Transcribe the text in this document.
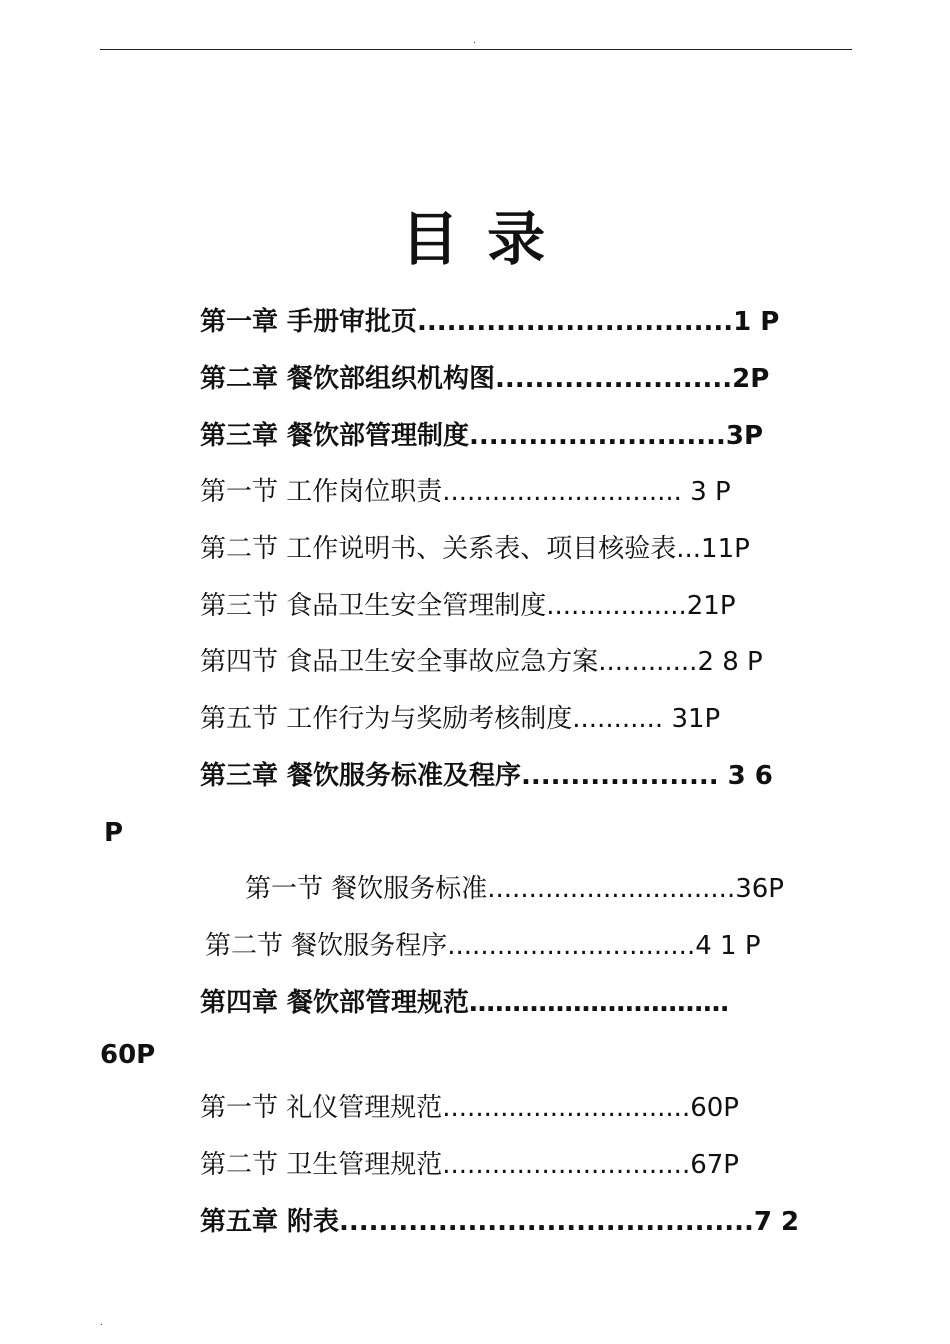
.
目 录
第一章 手册审批页................................1 P
第二章 餐饮部组织机构图........................2P
第三章 餐饮部管理制度..........................3P
第一节 工作岗位职责............................. 3 P
第二节 工作说明书、关系表、项目核验表...11P
第三节 食品卫生安全管理制度.................21P
第四节 食品卫生安全事故应急方案............2 8 P
第五节 工作行为与奖励考核制度........... 31P
第三章 餐饮服务标准及程序.................... 3 6
P
第一节 餐饮服务标准..............................36P
第二节 餐饮服务程序..............................4 1 P
第四章 餐饮部管理规范…………………………
60P
第一节 礼仪管理规范..............................60P
第二节 卫生管理规范..............................67P
第五章 附表..........................................7 2
.
